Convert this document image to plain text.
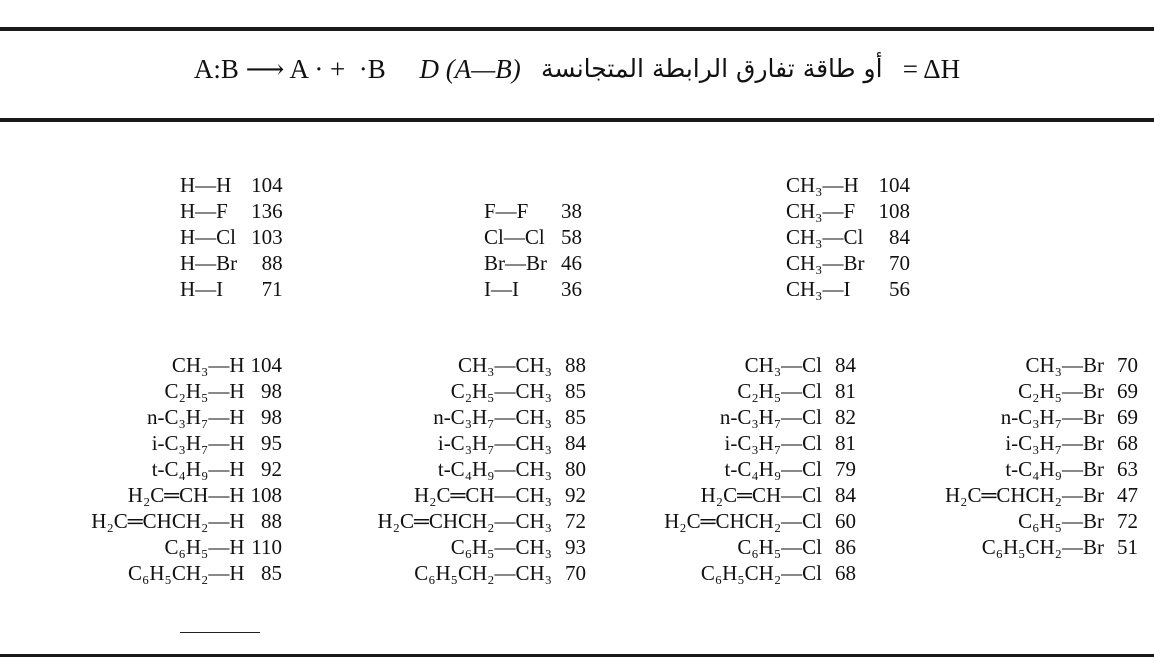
A:B ⟶ A · +  ·B D (A—B) أو طاقة تفارق الرابطة المتجانسة = ΔH
H—H	104
H—F	136
H—Cl	103
H—Br	88
H—I	71
F—F	38
Cl—Cl	58
Br—Br	46
I—I	36
CH₃—H	104
CH₃—F	108
CH₃—Cl	84
CH₃—Br	70
CH₃—I	56
CH₃—H	104
C₂H₅—H	98
n-C₃H₇—H	98
i-C₃H₇—H	95
t-C₄H₉—H	92
H₂C═CH—H	108
H₂C═CHCH₂—H	88
C₆H₅—H	110
C₆H₅CH₂—H	85
CH₃—CH₃	88
C₂H₅—CH₃	85
n-C₃H₇—CH₃	85
i-C₃H₇—CH₃	84
t-C₄H₉—CH₃	80
H₂C═CH—CH₃	92
H₂C═CHCH₂—CH₃	72
C₆H₅—CH₃	93
C₆H₅CH₂—CH₃	70
CH₃—Cl	84
C₂H₅—Cl	81
n-C₃H₇—Cl	82
i-C₃H₇—Cl	81
t-C₄H₉—Cl	79
H₂C═CH—Cl	84
H₂C═CHCH₂—Cl	60
C₆H₅—Cl	86
C₆H₅CH₂—Cl	68
CH₃—Br	70
C₂H₅—Br	69
n-C₃H₇—Br	69
i-C₃H₇—Br	68
t-C₄H₉—Br	63

H₂C═CHCH₂—Br	47
C₆H₅—Br	72
C₆H₅CH₂—Br	51
